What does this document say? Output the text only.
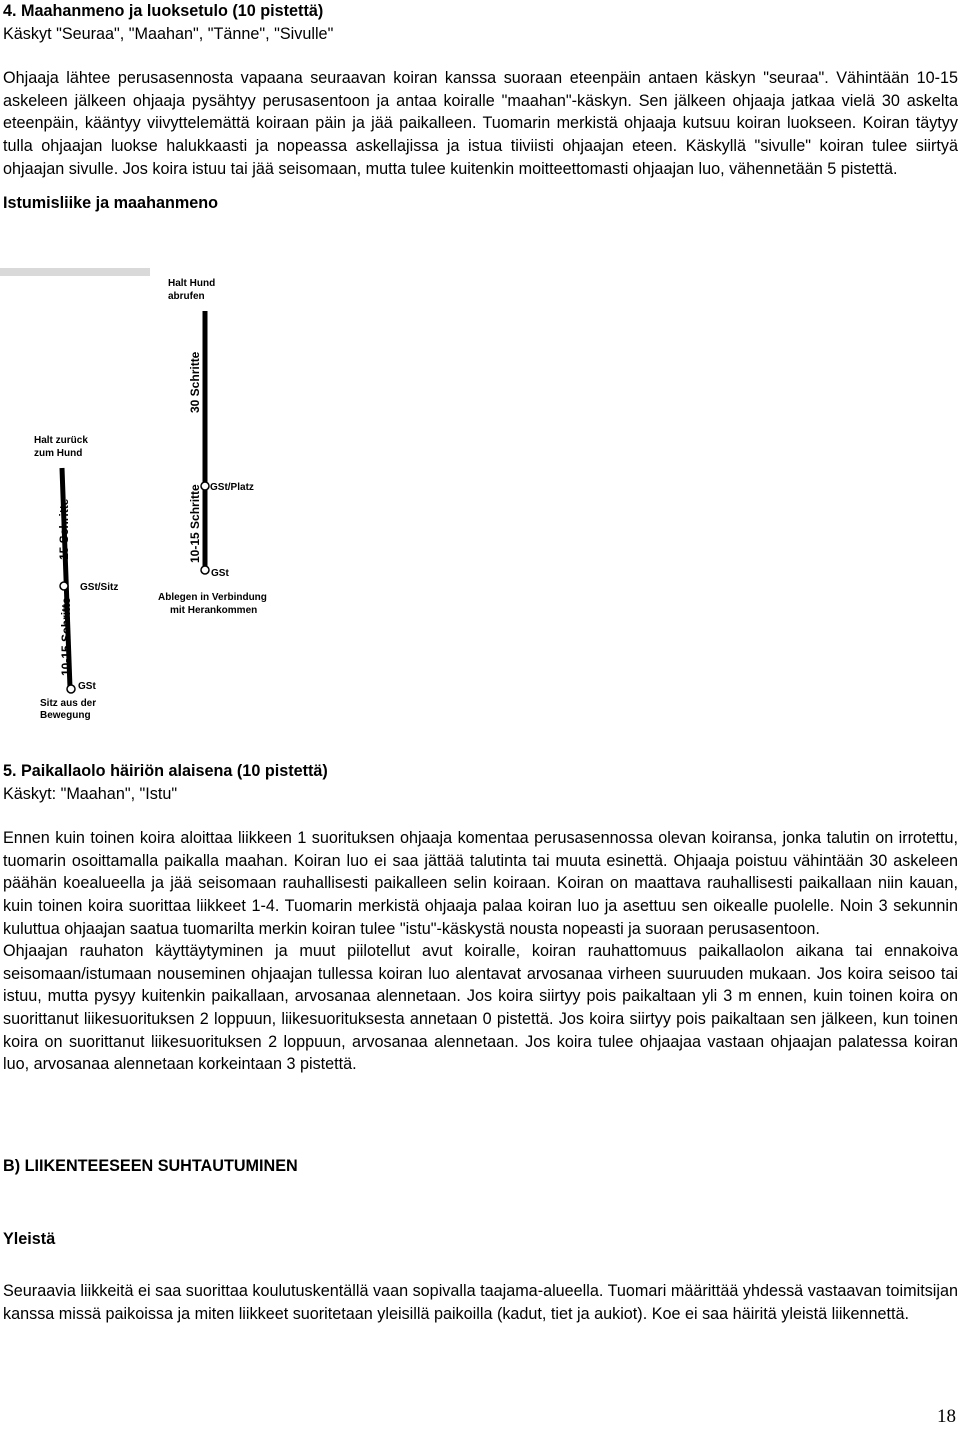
4. Maahanmeno ja luoksetulo (10 pistettä)

Käskyt "Seuraa", "Maahan", "Tänne", "Sivulle"

Ohjaaja lähtee perusasennosta vapaana seuraavan koiran kanssa suoraan eteenpäin antaen käskyn "seuraa". Vähintään 10-15 askeleen jälkeen ohjaaja pysähtyy perusasentoon ja antaa koiralle "maahan"-käskyn. Sen jälkeen ohjaaja jatkaa vielä 30 askelta eteenpäin, kääntyy viivyttelemättä koiraan päin ja jää paikalleen. Tuomarin merkistä ohjaaja kutsuu koiran luokseen. Koiran täytyy tulla ohjaajan luokse halukkaasti ja nopeassa askellajissa ja istua tiiviisti ohjaajan eteen. Käskyllä "sivulle" koiran tulee siirtyä ohjaajan sivulle. Jos koira istuu tai jää seisomaan, mutta tulee kuitenkin moitteettomasti ohjaajan luo, vähennetään 5 pistettä.

Istumisliike ja maahanmeno

Halt zurück
zum Hund
15 Schritte
GSt/Sitz
10-15 Schritte
GSt
Sitz aus der
Bewegung
Halt Hund
abrufen
30 Schritte
GSt/Platz
10-15 Schritte
GSt
Ablegen in Verbindung
mit Herankommen

5. Paikallaolo häiriön alaisena (10 pistettä)

Käskyt: "Maahan", "Istu"

Ennen kuin toinen koira aloittaa liikkeen 1 suorituksen ohjaaja komentaa perusasennossa olevan koiransa, jonka talutin on irrotettu, tuomarin osoittamalla paikalla maahan. Koiran luo ei saa jättää talutinta tai muuta esinettä. Ohjaaja poistuu vähintään 30 askeleen päähän koealueella ja jää seisomaan rauhallisesti paikalleen selin koiraan. Koiran on maattava rauhallisesti paikallaan niin kauan, kuin toinen koira suorittaa liikkeet 1-4. Tuomarin merkistä ohjaaja palaa koiran luo ja asettuu sen oikealle puolelle. Noin 3 sekunnin kuluttua ohjaajan saatua tuomarilta merkin koiran tulee "istu"-käskystä nousta nopeasti ja suoraan perusasentoon.

Ohjaajan rauhaton käyttäytyminen ja muut piilotellut avut koiralle, koiran rauhattomuus paikallaolon aikana tai ennakoiva seisomaan/istumaan nouseminen ohjaajan tullessa koiran luo alentavat arvosanaa virheen suuruuden mukaan. Jos koira seisoo tai istuu, mutta pysyy kuitenkin paikallaan, arvosanaa alennetaan. Jos koira siirtyy pois paikaltaan yli 3 m ennen, kuin toinen koira on suorittanut liikesuorituksen 2 loppuun, liikesuorituksesta annetaan 0 pistettä. Jos koira siirtyy pois paikaltaan sen jälkeen, kun toinen koira on suorittanut liikesuorituksen 2 loppuun, arvosanaa alennetaan. Jos koira tulee ohjaajaa vastaan ohjaajan palatessa koiran luo, arvosanaa alennetaan korkeintaan 3 pistettä.

B) LIIKENTEESEEN SUHTAUTUMINEN

Yleistä

Seuraavia liikkeitä ei saa suorittaa koulutuskentällä vaan sopivalla taajama-alueella. Tuomari määrittää yhdessä vastaavan toimitsijan kanssa missä paikoissa ja miten liikkeet suoritetaan yleisillä paikoilla (kadut, tiet ja aukiot). Koe ei saa häiritä yleistä liikennettä.

18
